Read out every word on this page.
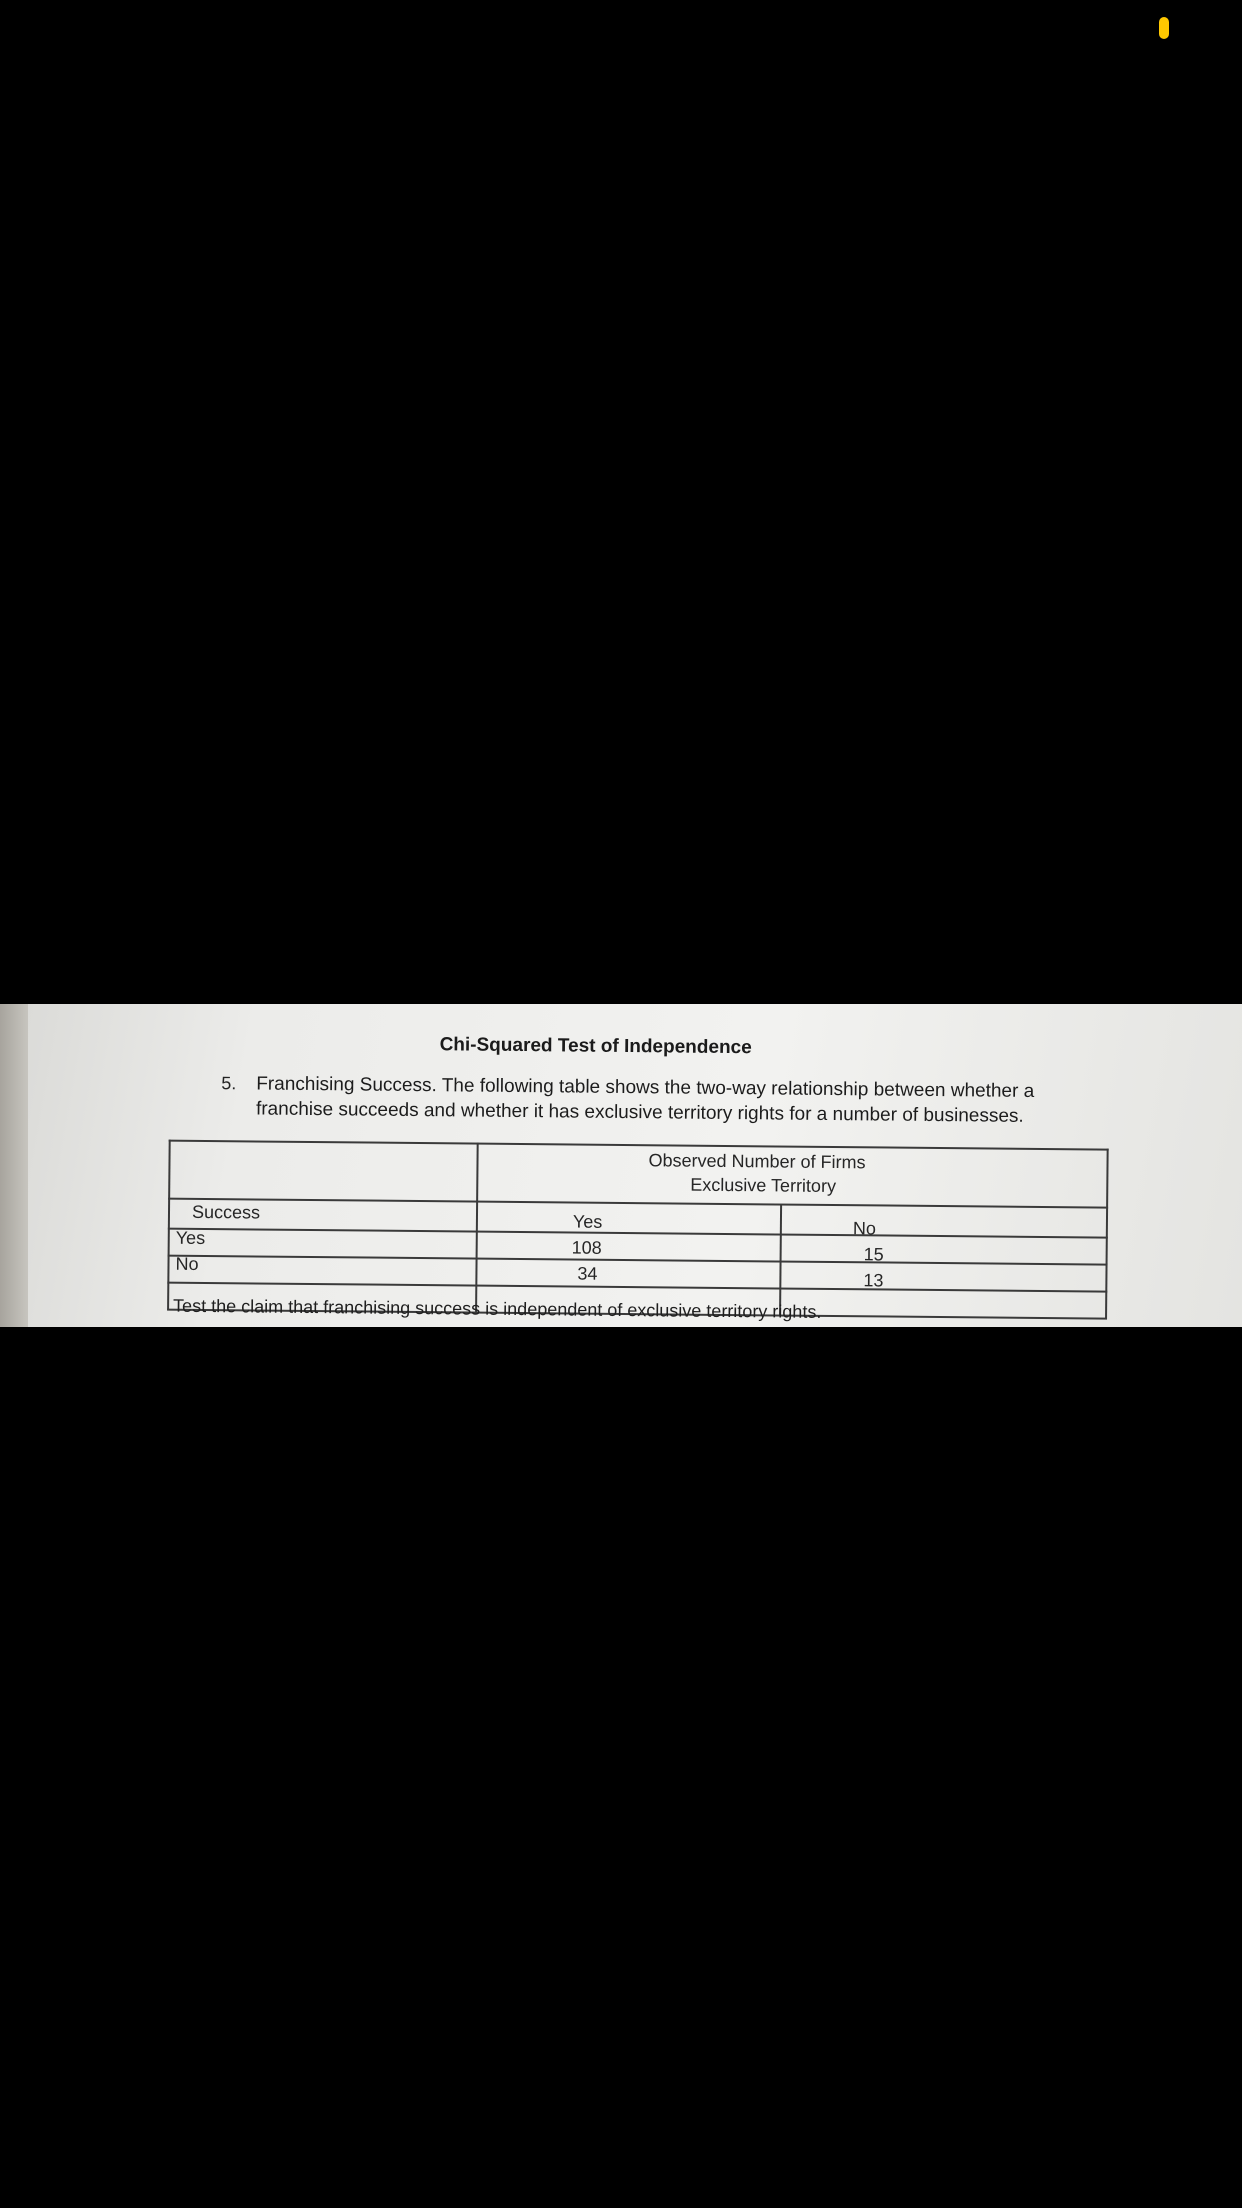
Chi-Squared Test of Independence
5. Franchising Success. The following table shows the two-way relationship between whether a
franchise succeeds and whether it has exclusive territory rights for a number of businesses.
Observed Number of Firms
Exclusive Territory
Success	Yes	No
Yes	108	15
No	34	13
Test the claim that franchising success is independent of exclusive territory rights.
